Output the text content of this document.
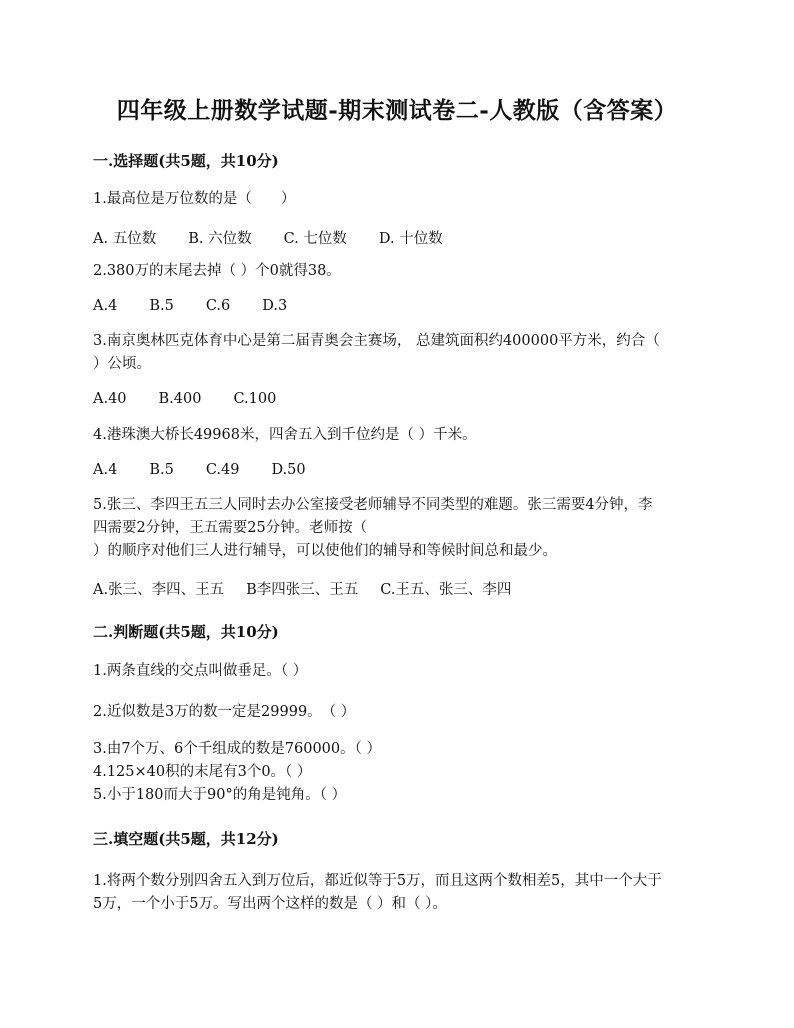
四年级上册数学试题-期末测试卷二-人教版（含答案）
一.选择题(共5题，共10分)
1.最高位是万位数的是（　　）
A. 五位数 B. 六位数 C. 七位数 D. 十位数
2.380万的末尾去掉（ ）个0就得38。
A.4 B.5 C.6 D.3
3.南京奥林匹克体育中心是第二届青奥会主赛场， 总建筑面积约400000平方米，约合（
）公顷。
A.40 B.400 C.100
4.港珠澳大桥长49968米，四舍五入到千位约是（ ）千米。
A.4 B.5 C.49 D.50
5.张三、李四王五三人同时去办公室接受老师辅导不同类型的难题。张三需要4分钟，李
四需要2分钟，王五需要25分钟。老师按（
）的顺序对他们三人进行辅导，可以使他们的辅导和等候时间总和最少。
A.张三、李四、王五 B李四张三、王五 C.王五、张三、李四
二.判断题(共5题，共10分)
1.两条直线的交点叫做垂足。（ ）
2.近似数是3万的数一定是29999。　（ ）
3.由7个万、6个千组成的数是760000。（ ）
4.125×40积的末尾有3个0。（ ）
5.小于180而大于90°的角是钝角。（ ）
三.填空题(共5题，共12分)
1.将两个数分别四舍五入到万位后，都近似等于5万，而且这两个数相差5，其中一个大于
5万，一个小于5万。写出两个这样的数是（ ）和（ ）。
